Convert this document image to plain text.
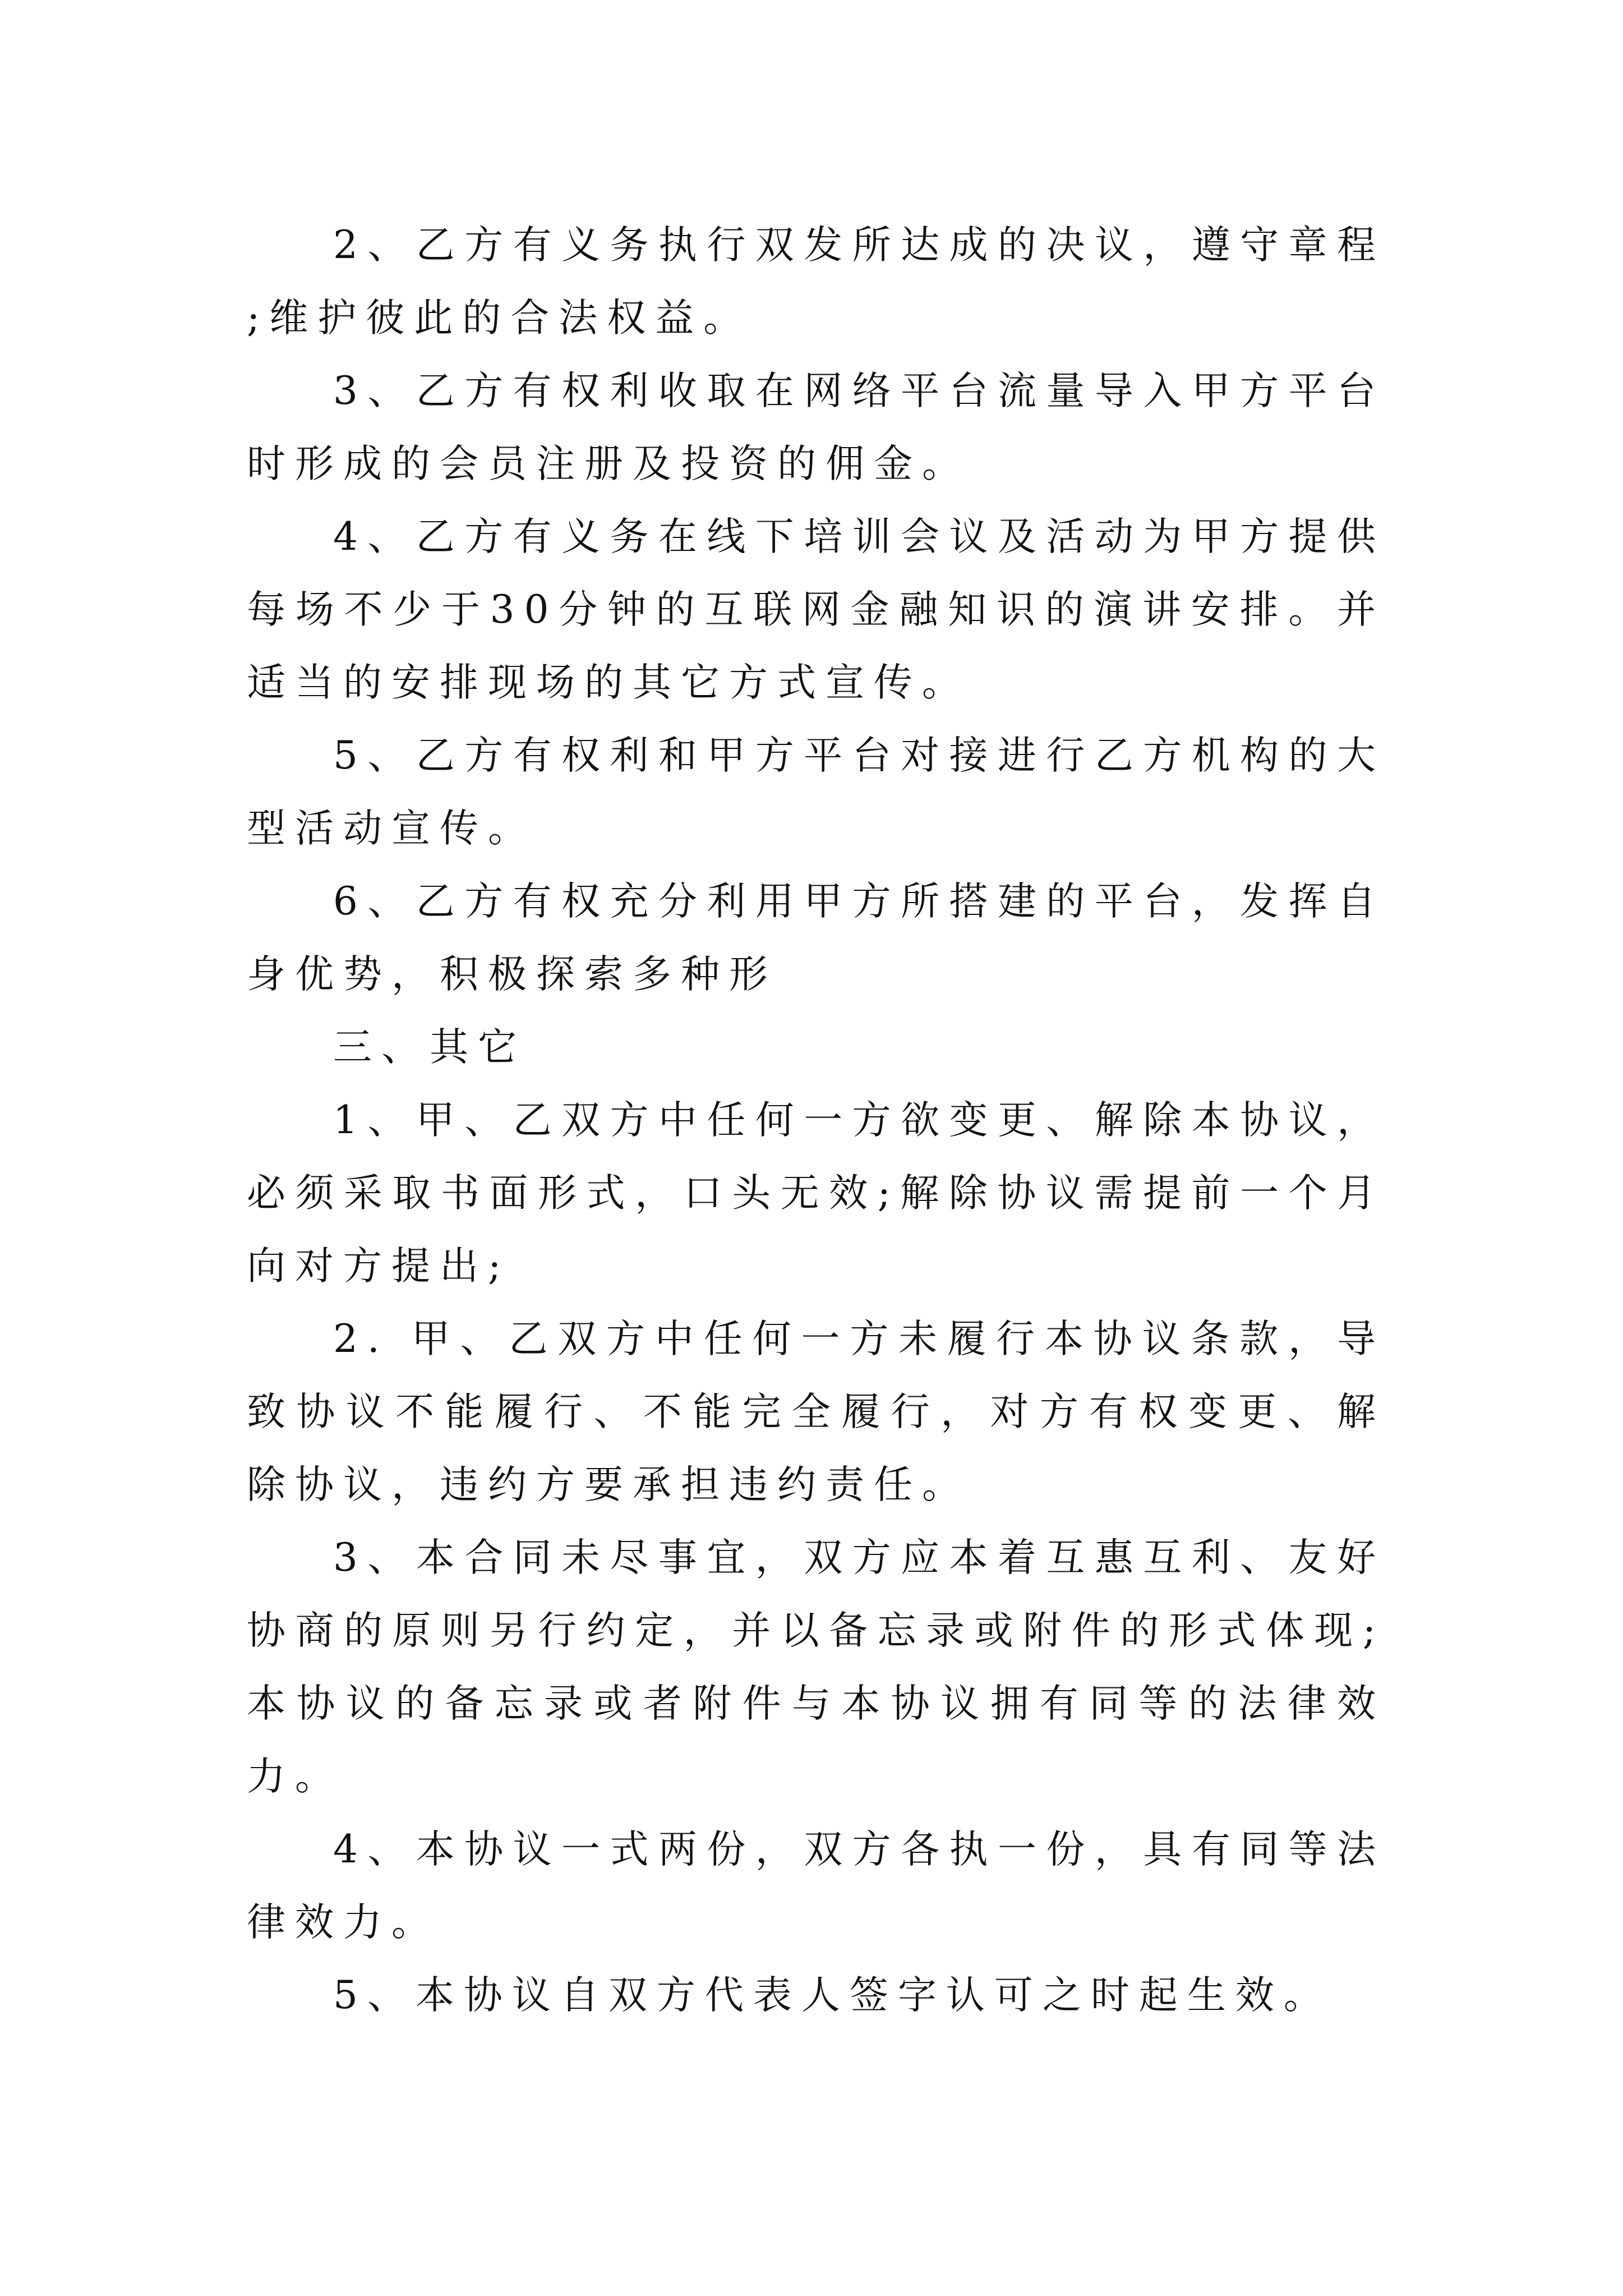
2、乙方有义务执行双发所达成的决议，遵守章程;维护彼此的合法权益。

3、乙方有权利收取在网络平台流量导入甲方平台时形成的会员注册及投资的佣金。

4、乙方有义务在线下培训会议及活动为甲方提供每场不少于30分钟的互联网金融知识的演讲安排。并适当的安排现场的其它方式宣传。

5、乙方有权利和甲方平台对接进行乙方机构的大型活动宣传。

6、乙方有权充分利用甲方所搭建的平台，发挥自身优势，积极探索多种形

三、其它

1、甲、乙双方中任何一方欲变更、解除本协议，必须采取书面形式，口头无效;解除协议需提前一个月向对方提出;

2. 甲、乙双方中任何一方未履行本协议条款，导致协议不能履行、不能完全履行，对方有权变更、解除协议，违约方要承担违约责任。

3、本合同未尽事宜，双方应本着互惠互利、友好协商的原则另行约定，并以备忘录或附件的形式体现;本协议的备忘录或者附件与本协议拥有同等的法律效力。

4、本协议一式两份，双方各执一份，具有同等法律效力。

5、本协议自双方代表人签字认可之时起生效。
